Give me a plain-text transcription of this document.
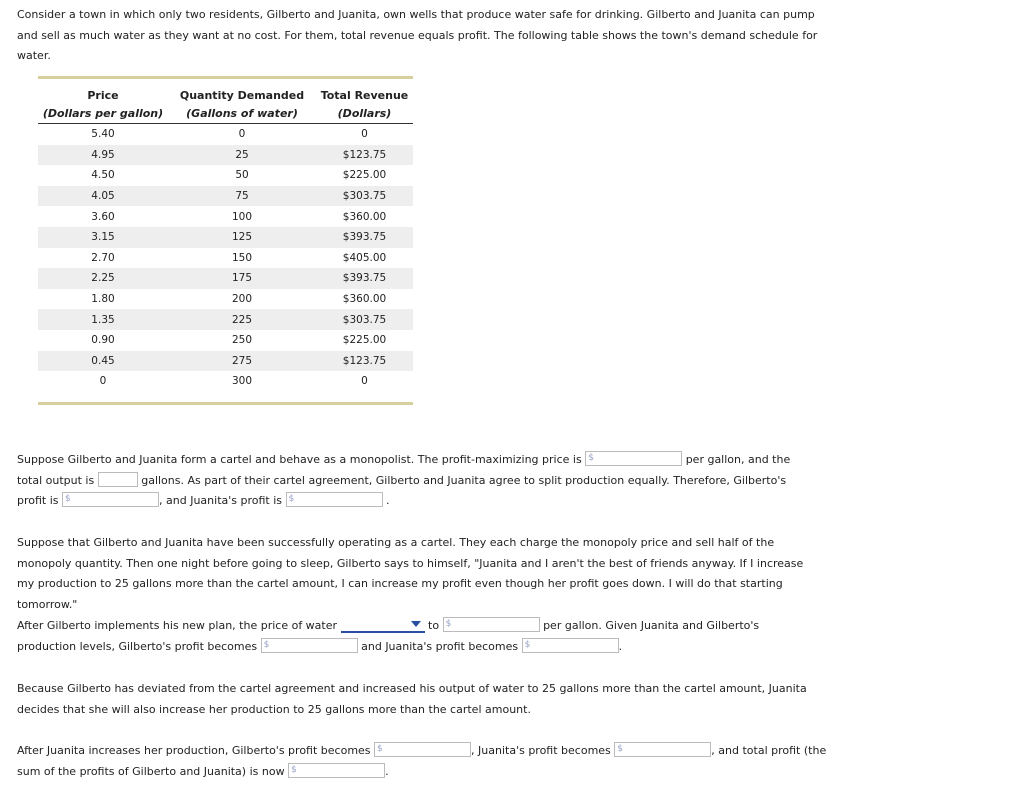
Consider a town in which only two residents, Gilberto and Juanita, own wells that produce water safe for drinking. Gilberto and Juanita can pump and sell as much water as they want at no cost. For them, total revenue equals profit. The following table shows the town's demand schedule for water.

Price	Quantity Demanded	Total Revenue
(Dollars per gallon)	(Gallons of water)	(Dollars)
5.40	0	0
4.95	25	$123.75
4.50	50	$225.00
4.05	75	$303.75
3.60	100	$360.00
3.15	125	$393.75
2.70	150	$405.00
2.25	175	$393.75
1.80	200	$360.00
1.35	225	$303.75
0.90	250	$225.00
0.45	275	$123.75
0	300	0

Suppose Gilberto and Juanita form a cartel and behave as a monopolist. The profit-maximizing price is $	per gallon, and the total output is	gallons. As part of their cartel agreement, Gilberto and Juanita agree to split production equally. Therefore, Gilberto's profit is $	, and Juanita's profit is $	.

Suppose that Gilberto and Juanita have been successfully operating as a cartel. They each charge the monopoly price and sell half of the monopoly quantity. Then one night before going to sleep, Gilberto says to himself, "Juanita and I aren't the best of friends anyway. If I increase my production to 25 gallons more than the cartel amount, I can increase my profit even though her profit goes down. I will do that starting tomorrow."

After Gilberto implements his new plan, the price of water	to $	per gallon. Given Juanita and Gilberto's production levels, Gilberto's profit becomes $	and Juanita's profit becomes $	.

Because Gilberto has deviated from the cartel agreement and increased his output of water to 25 gallons more than the cartel amount, Juanita decides that she will also increase her production to 25 gallons more than the cartel amount.

After Juanita increases her production, Gilberto's profit becomes $	, Juanita's profit becomes $	, and total profit (the sum of the profits of Gilberto and Juanita) is now $	.
